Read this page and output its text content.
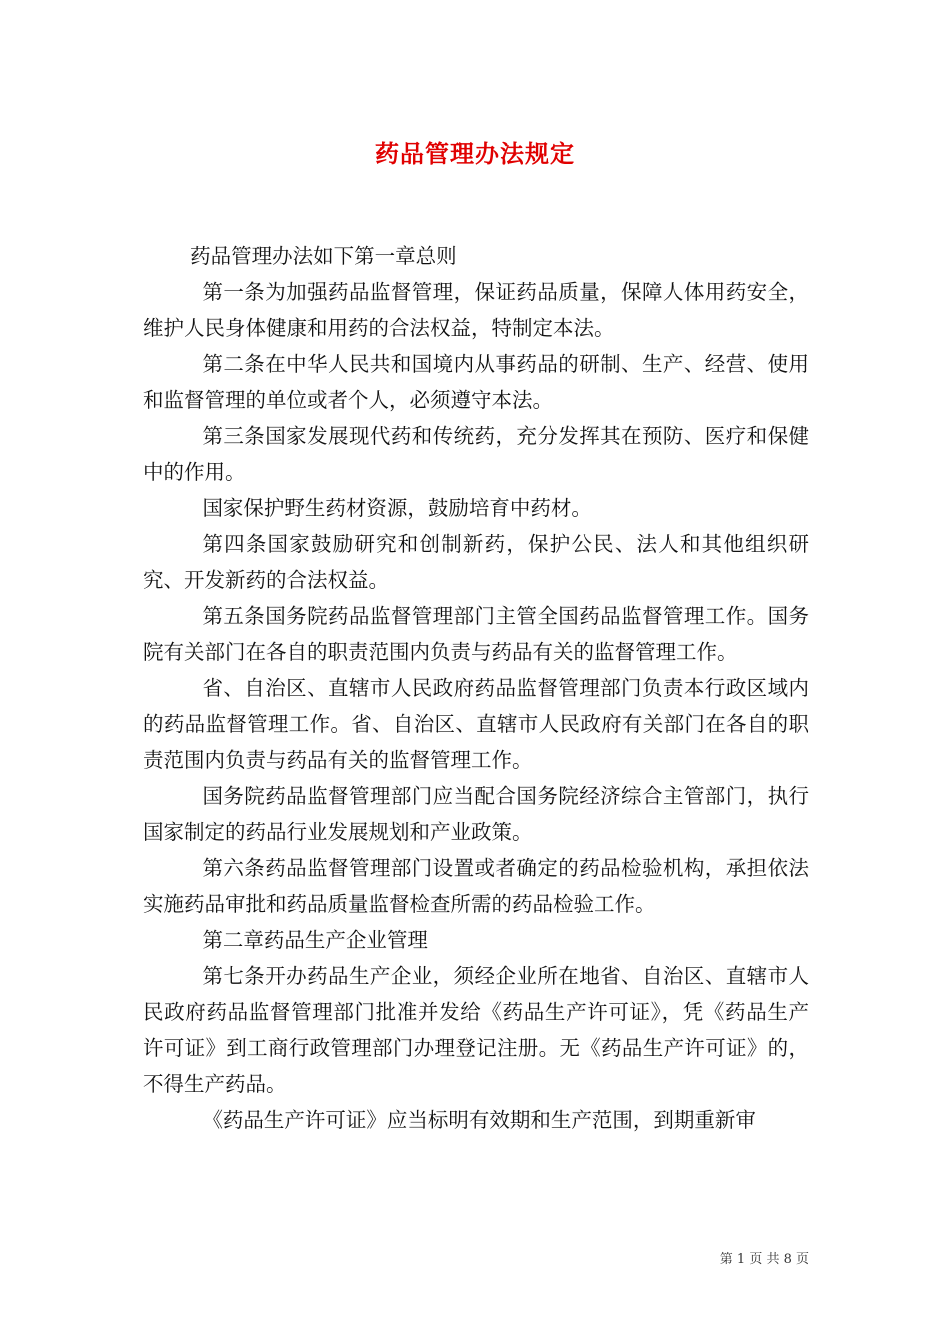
药品管理办法规定

药品管理办法如下第一章总则

第一条为加强药品监督管理，保证药品质量，保障人体用药安全，维护人民身体健康和用药的合法权益，特制定本法。

第二条在中华人民共和国境内从事药品的研制、生产、经营、使用和监督管理的单位或者个人，必须遵守本法。

第三条国家发展现代药和传统药，充分发挥其在预防、医疗和保健中的作用。

国家保护野生药材资源，鼓励培育中药材。

第四条国家鼓励研究和创制新药，保护公民、法人和其他组织研究、开发新药的合法权益。

第五条国务院药品监督管理部门主管全国药品监督管理工作。国务院有关部门在各自的职责范围内负责与药品有关的监督管理工作。

省、自治区、直辖市人民政府药品监督管理部门负责本行政区域内的药品监督管理工作。省、自治区、直辖市人民政府有关部门在各自的职责范围内负责与药品有关的监督管理工作。

国务院药品监督管理部门应当配合国务院经济综合主管部门，执行国家制定的药品行业发展规划和产业政策。

第六条药品监督管理部门设置或者确定的药品检验机构，承担依法实施药品审批和药品质量监督检查所需的药品检验工作。

第二章药品生产企业管理

第七条开办药品生产企业，须经企业所在地省、自治区、直辖市人民政府药品监督管理部门批准并发给《药品生产许可证》，凭《药品生产许可证》到工商行政管理部门办理登记注册。无《药品生产许可证》的，不得生产药品。

《药品生产许可证》应当标明有效期和生产范围，到期重新审

第 1 页 共 8 页
